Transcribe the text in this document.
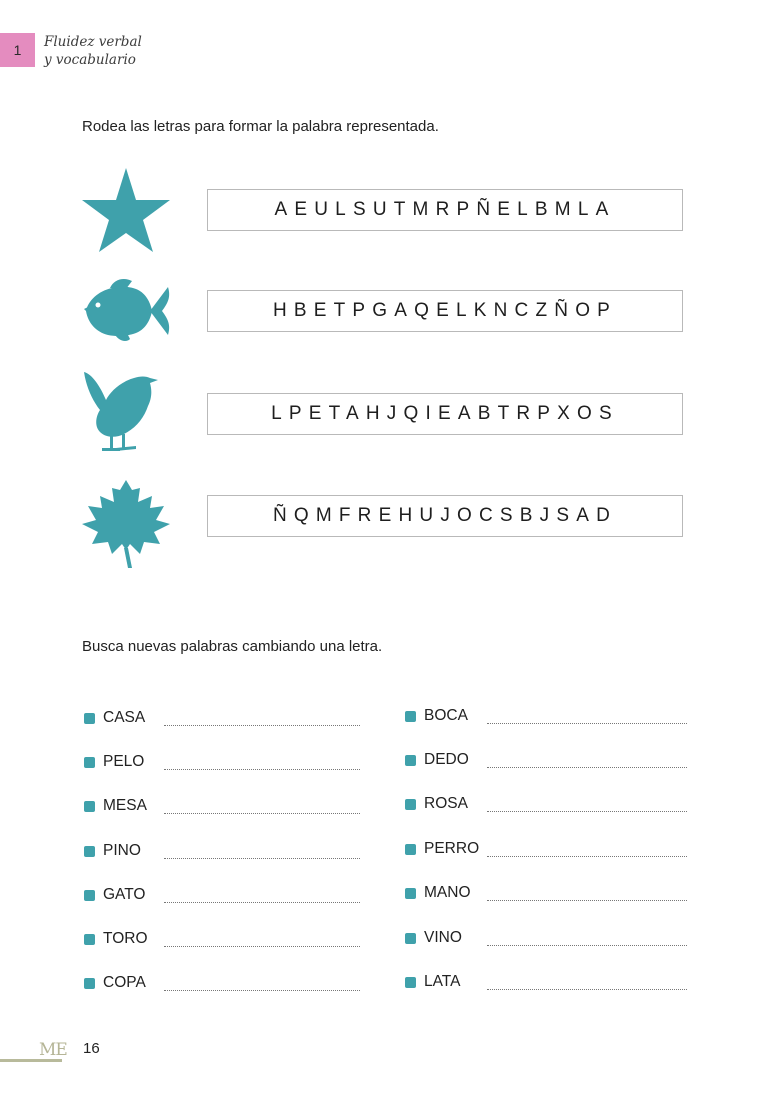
1	Fluidez verbal
y vocabulario
Rodea las letras para formar la palabra representada.
AEULSUTMRPÑELBMLA
HBETPGAQELKNCZÑOP
LPETAHJQIEABTRPXOS
ÑQMFREHUJOCSBJSAD
Busca nuevas palabras cambiando una letra.
CASA
PELO
MESA
PINO
GATO
TORO
COPA
BOCA
DEDO
ROSA
PERRO
MANO
VINO
LATA
ME 16
